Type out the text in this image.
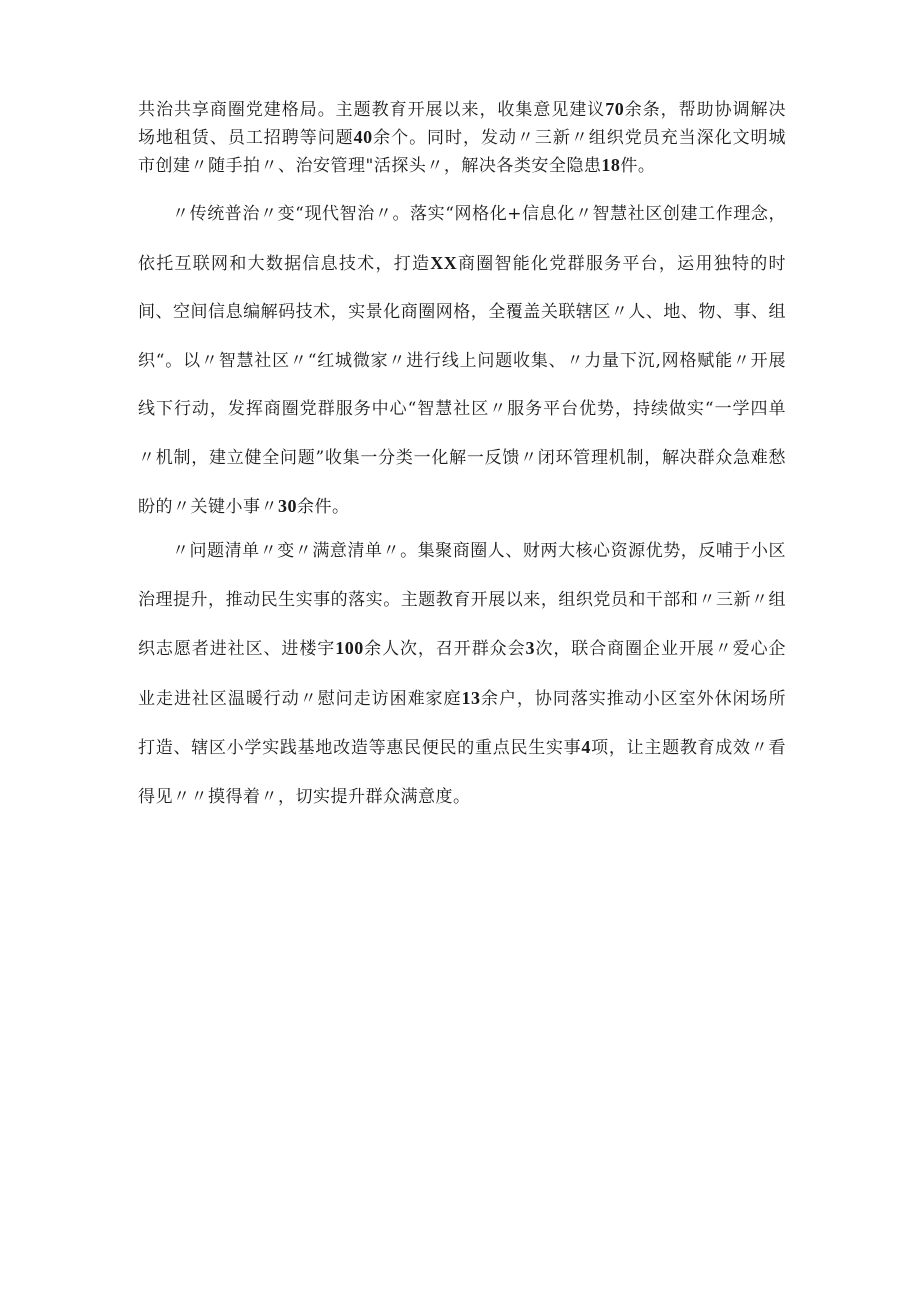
共治共享商圈党建格局。主题教育开展以来，收集意见建议70余条，帮助协调解决场地租赁、员工招聘等问题40余个。同时，发动〃三新〃组织党员充当深化文明城市创建〃随手拍〃、治安管理"活探头〃，解决各类安全隐患18件。

〃传统普治〃变“现代智治〃。落实“网格化+信息化〃智慧社区创建工作理念，依托互联网和大数据信息技术，打造XX商圈智能化党群服务平台，运用独特的时间、空间信息编解码技术，实景化商圈网格，全覆盖关联辖区〃人、地、物、事、组织“。以〃智慧社区〃“红城微家〃进行线上问题收集、〃力量下沉,网格赋能〃开展线下行动，发挥商圈党群服务中心“智慧社区〃服务平台优势，持续做实“一学四单〃机制，建立健全问题”收集一分类一化解一反馈〃闭环管理机制，解决群众急难愁盼的〃关键小事〃30余件。

〃问题清单〃变〃满意清单〃。集聚商圈人、财两大核心资源优势，反哺于小区治理提升，推动民生实事的落实。主题教育开展以来，组织党员和干部和〃三新〃组织志愿者进社区、进楼宇100余人次，召开群众会3次，联合商圈企业开展〃爱心企业走进社区温暖行动〃慰问走访困难家庭13余户，协同落实推动小区室外休闲场所打造、辖区小学实践基地改造等惠民便民的重点民生实事4项，让主题教育成效〃看得见〃〃摸得着〃，切实提升群众满意度。
